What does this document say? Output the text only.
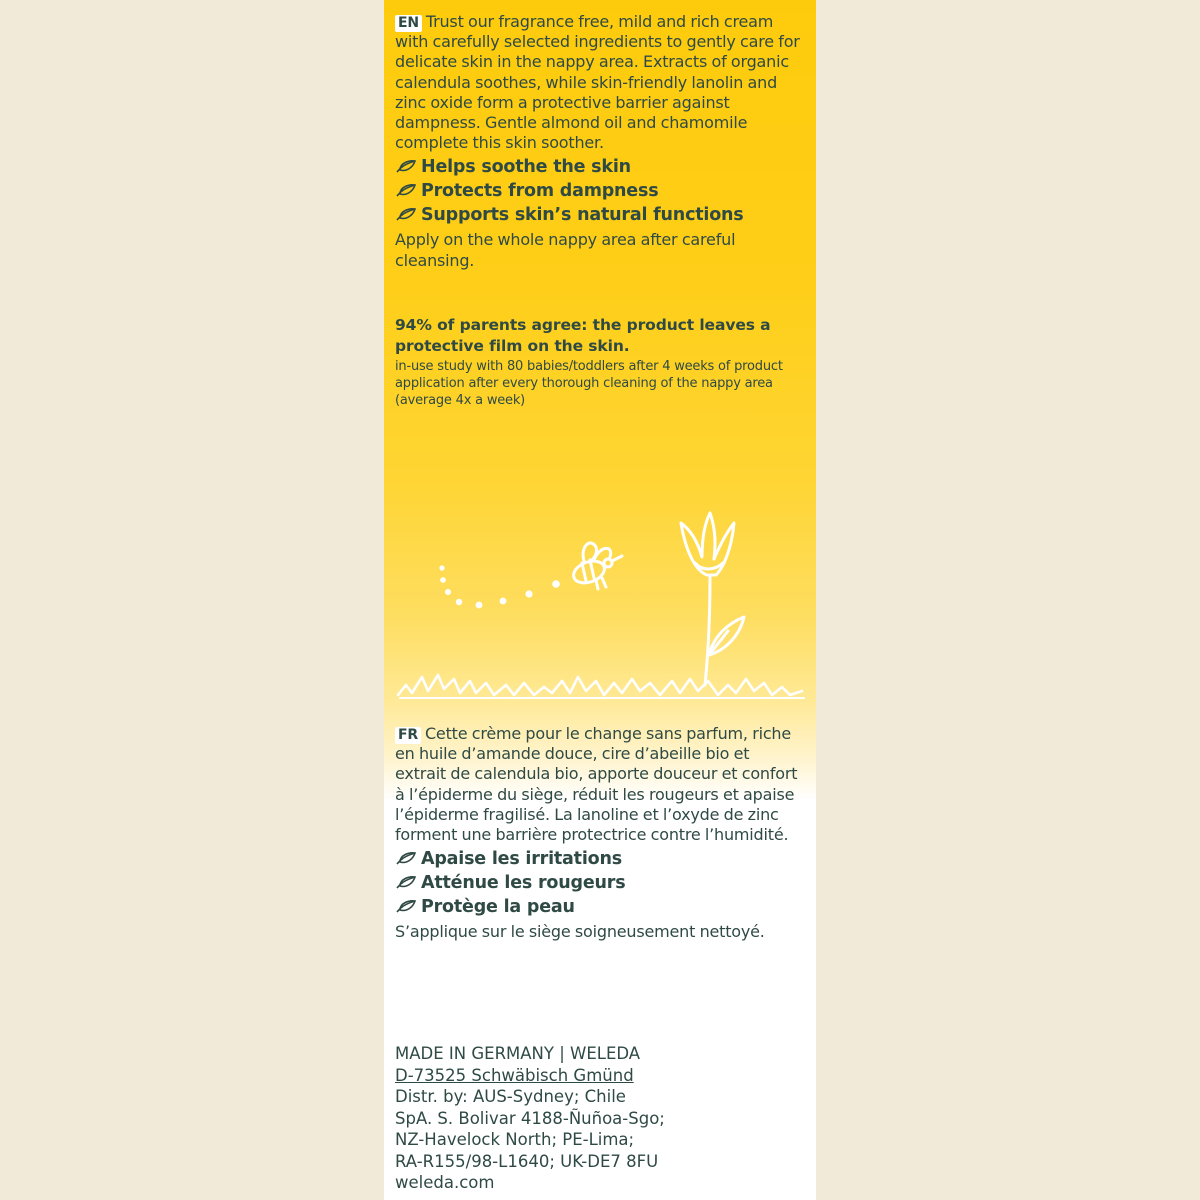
EN Trust our fragrance free, mild and rich cream with carefully selected ingredients to gently care for delicate skin in the nappy area. Extracts of organic calendula soothes, while skin-friendly lanolin and zinc oxide form a protective barrier against dampness. Gentle almond oil and chamomile complete this skin soother.

Helps soothe the skin
Protects from dampness
Supports skin’s natural functions

Apply on the whole nappy area after careful cleansing.

94% of parents agree: the product leaves a protective film on the skin.

in-use study with 80 babies/toddlers after 4 weeks of product application after every thorough cleaning of the nappy area (average 4x a week)

FR Cette crème pour le change sans parfum, riche en huile d’amande douce, cire d’abeille bio et extrait de calendula bio, apporte douceur et confort à l’épiderme du siège, réduit les rougeurs et apaise l’épiderme fragilisé. La lanoline et l’oxyde de zinc forment une barrière protectrice contre l’humidité.

Apaise les irritations
Atténue les rougeurs
Protège la peau

S’applique sur le siège soigneusement nettoyé.

MADE IN GERMANY | WELEDA

D-73525 Schwäbisch Gmünd

Distr. by: AUS-Sydney; Chile

SpA. S. Bolivar 4188-Ñuñoa-Sgo;

NZ-Havelock North; PE-Lima;

RA-R155/98-L1640; UK-DE7 8FU

weleda.com
